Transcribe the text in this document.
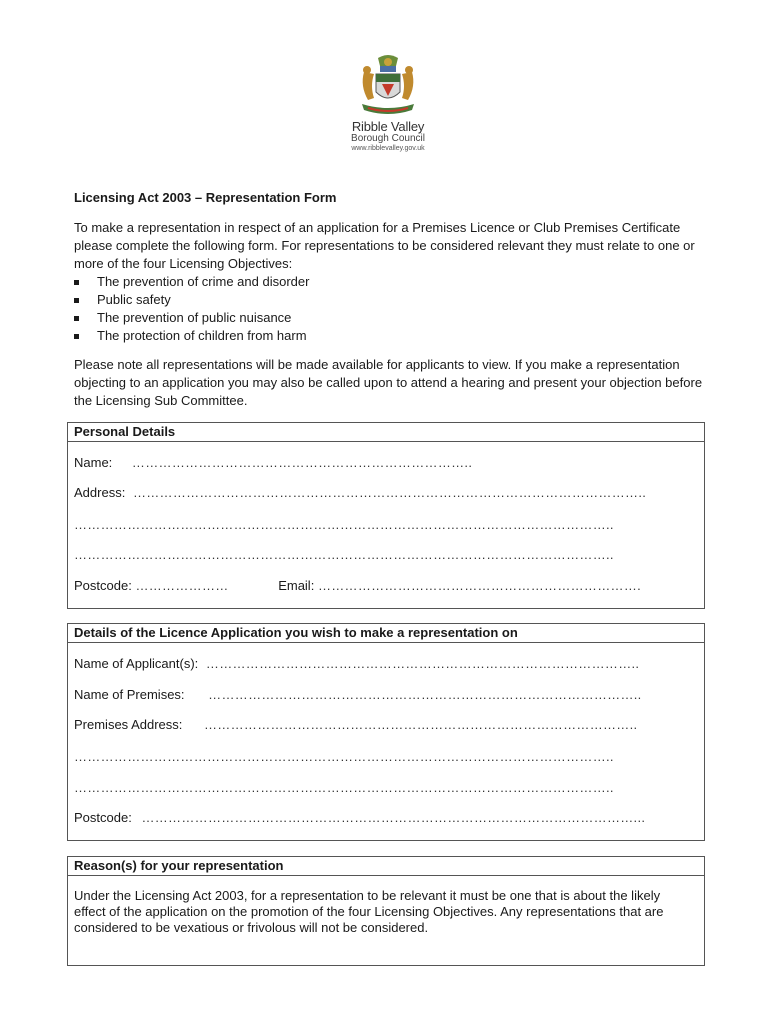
Ribble Valley
Borough Council
www.ribblevalley.gov.uk
Licensing Act 2003 – Representation Form

To make a representation in respect of an application for a Premises Licence or Club Premises Certificate please complete the following form. For representations to be considered relevant they must relate to one or more of the four Licensing Objectives:

The prevention of crime and disorder
Public safety
The prevention of public nuisance
The protection of children from harm

Please note all representations will be made available for applicants to view. If you make a representation objecting to an application you may also be called upon to attend a hearing and present your objection before the Licensing Sub Committee.

Personal Details
Name: …………………………………………………………………..
Address: ……………………………………………………………………………………………………..
…………………………………………………………………………………………………………..
…………………………………………………………………………………………………………..
Postcode: …………………	Email: ……………………………………………………………….
Details of the Licence Application you wish to make a representation on
Name of Applicant(s): ……………………………………………………………………………………..
Name of Premises: ……………………………………………………………………………………..
Premises Address: ……………………………………………………………………………………..
…………………………………………………………………………………………………………..
…………………………………………………………………………………………………………..
Postcode: …………………………………………………………………………………………………...
Reason(s) for your representation

Under the Licensing Act 2003, for a representation to be relevant it must be one that is about the likely effect of the application on the promotion of the four Licensing Objectives. Any representations that are considered to be vexatious or frivolous will not be considered.
